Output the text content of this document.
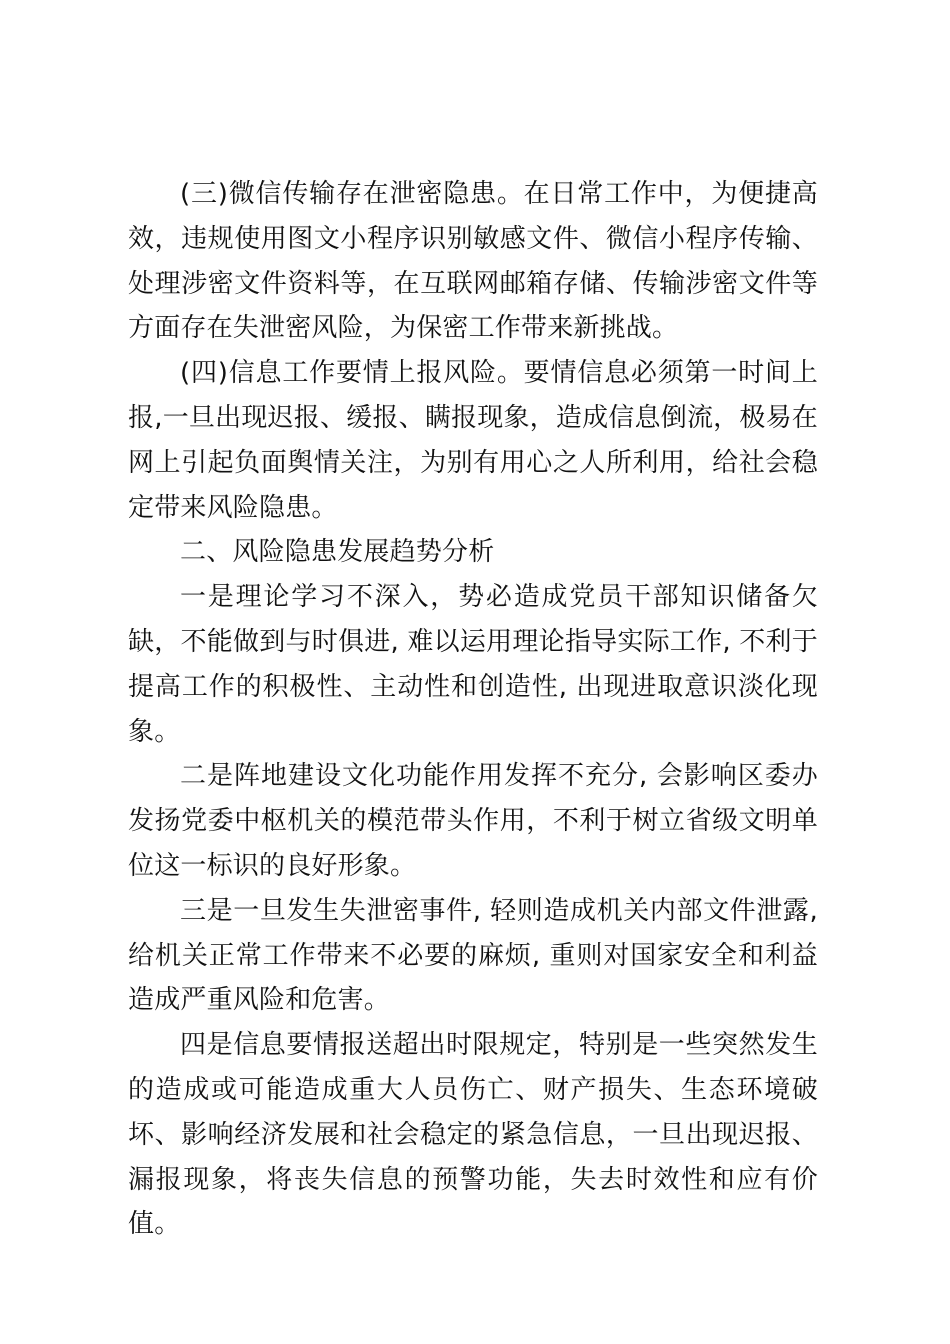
(三)微信传输存在泄密隐患。在日常工作中，为便捷高效，违规使用图文小程序识别敏感文件、微信小程序传输、处理涉密文件资料等，在互联网邮箱存储、传输涉密文件等方面存在失泄密风险，为保密工作带来新挑战。

(四)信息工作要情上报风险。要情信息必须第一时间上报,一旦出现迟报、缓报、瞒报现象，造成信息倒流，极易在网上引起负面舆情关注，为别有用心之人所利用，给社会稳定带来风险隐患。

二、风险隐患发展趋势分析

一是理论学习不深入，势必造成党员干部知识储备欠缺，不能做到与时俱进, 难以运用理论指导实际工作, 不利于提高工作的积极性、主动性和创造性, 出现进取意识淡化现象。

二是阵地建设文化功能作用发挥不充分, 会影响区委办发扬党委中枢机关的模范带头作用，不利于树立省级文明单位这一标识的良好形象。

三是一旦发生失泄密事件, 轻则造成机关内部文件泄露,给机关正常工作带来不必要的麻烦, 重则对国家安全和利益造成严重风险和危害。

四是信息要情报送超出时限规定，特别是一些突然发生的造成或可能造成重大人员伤亡、财产损失、生态环境破坏、影响经济发展和社会稳定的紧急信息，一旦出现迟报、漏报现象，将丧失信息的预警功能，失去时效性和应有价值。
